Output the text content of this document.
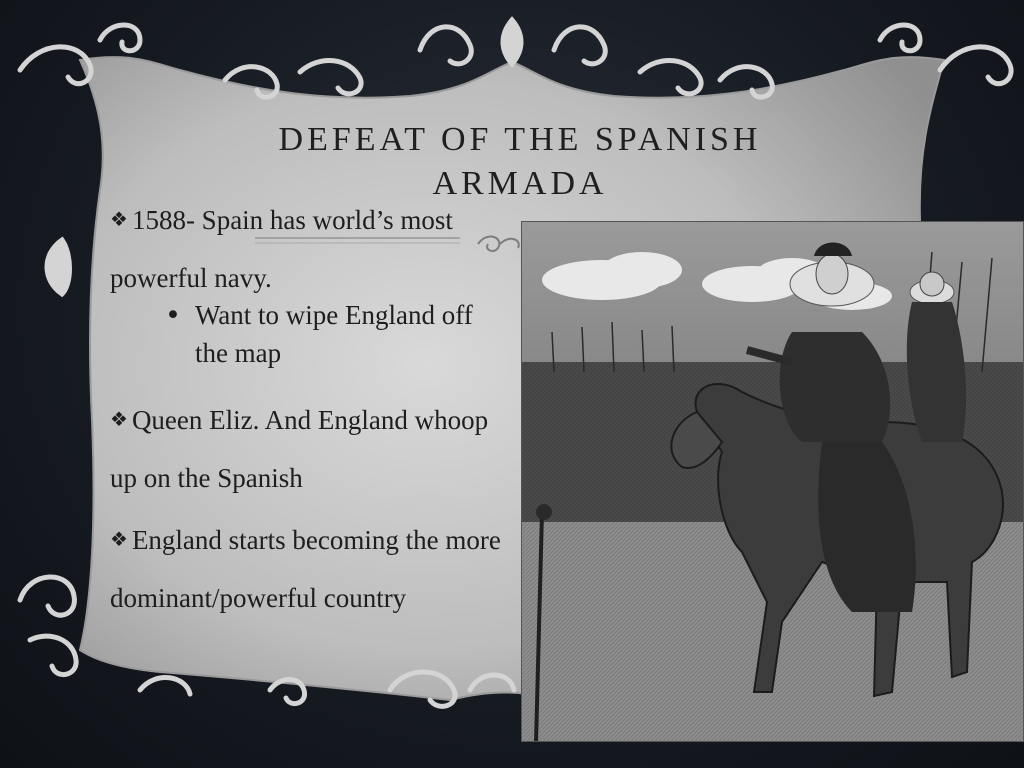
DEFEAT OF THE SPANISH ARMADA
❖ 1588- Spain has world’s most powerful navy.
• Want to wipe England off the map
❖ Queen Eliz. And England whoop up on the Spanish
❖ England starts becoming the more dominant/powerful country
